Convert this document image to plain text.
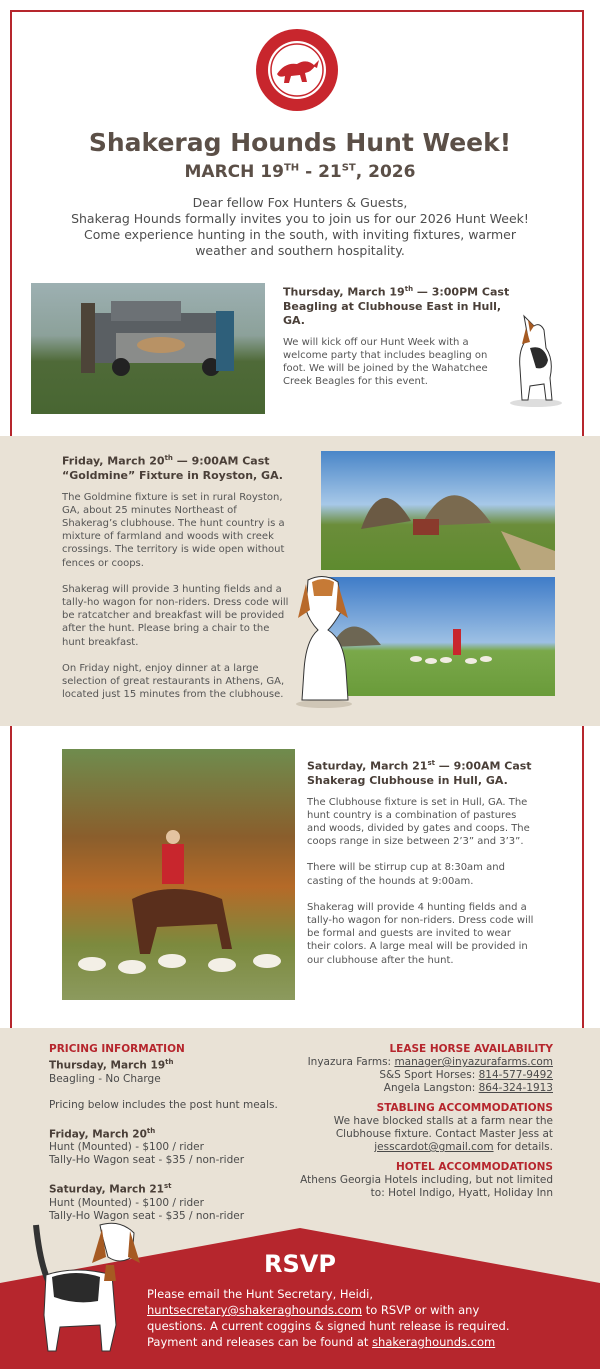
Shakerag Hounds Hunt Week!
MARCH 19TH - 21ST, 2026
Dear fellow Fox Hunters & Guests,
Shakerag Hounds formally invites you to join us for our 2026 Hunt Week!
Come experience hunting in the south, with inviting fixtures, warmer
weather and southern hospitality.
Thursday, March 19th — 3:00PM Cast
Beagling at Clubhouse East in Hull, GA.
We will kick off our Hunt Week with a
welcome party that includes beagling on
foot. We will be joined by the Wahatchee
Creek Beagles for this event.
Friday, March 20th — 9:00AM Cast
“Goldmine” Fixture in Royston, GA.
The Goldmine fixture is set in rural Royston,
GA, about 25 minutes Northeast of
Shakerag’s clubhouse. The hunt country is a
mixture of farmland and woods with creek
crossings. The territory is wide open without
fences or coops.
Shakerag will provide 3 hunting fields and a
tally-ho wagon for non-riders. Dress code will
be ratcatcher and breakfast will be provided
after the hunt. Please bring a chair to the
hunt breakfast.
On Friday night, enjoy dinner at a large
selection of great restaurants in Athens, GA,
located just 15 minutes from the clubhouse.
Saturday, March 21st — 9:00AM Cast
Shakerag Clubhouse in Hull, GA.
The Clubhouse fixture is set in Hull, GA. The
hunt country is a combination of pastures
and woods, divided by gates and coops. The
coops range in size between 2’3” and 3’3”.
There will be stirrup cup at 8:30am and
casting of the hounds at 9:00am.
Shakerag will provide 4 hunting fields and a
tally-ho wagon for non-riders. Dress code will
be formal and guests are invited to wear
their colors. A large meal will be provided in
our clubhouse after the hunt.
PRICING INFORMATION
Thursday, March 19th
Beagling - No Charge
Pricing below includes the post hunt meals.
Friday, March 20th
Hunt (Mounted) - $100 / rider
Tally-Ho Wagon seat - $35 / non-rider
Saturday, March 21st
Hunt (Mounted) - $100 / rider
Tally-Ho Wagon seat - $35 / non-rider
LEASE HORSE AVAILABILITY
Inyazura Farms: manager@inyazurafarms.com
S&S Sport Horses: 814-577-9492
Angela Langston: 864-324-1913
STABLING ACCOMMODATIONS
We have blocked stalls at a farm near the
Clubhouse fixture. Contact Master Jess at
jesscardot@gmail.com for details.
HOTEL ACCOMMODATIONS
Athens Georgia Hotels including, but not limited
to: Hotel Indigo, Hyatt, Holiday Inn
RSVP
Please email the Hunt Secretary, Heidi,
huntsecretary@shakeraghounds.com to RSVP or with any
questions. A current coggins & signed hunt release is required.
Payment and releases can be found at shakeraghounds.com
